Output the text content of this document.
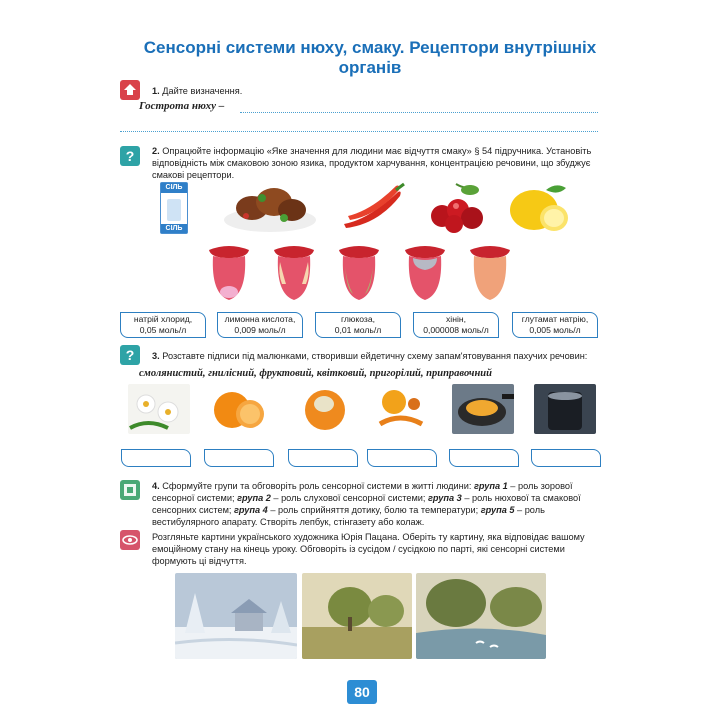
Сенсорні системи нюху, смаку. Рецептори внутрішніх органів
1. Дайте визначення.
Гострота нюху –
?	2. Опрацюйте інформацію «Яке значення для людини має відчуття смаку» § 54 підручника. Установіть відповідність між смаковою зоною язика, продуктом харчування, концентрацією речовини, що збуджує смакові рецептори.
СІЛЬ
СІЛЬ
натрій хлорид,
0,05 моль/л
лимонна кислота,
0,009 моль/л
глюкоза,
0,01 моль/л
хінін,
0,000008 моль/л
глутамат натрію,
0,005 моль/л
?	3. Розставте підписи під малюнками, створивши ейдетичну схему запам'ятовування пахучих речовин:
смолянистий, гнилісний, фруктовий, квітковий, пригорілий, приправочний
4. Сформуйте групи та обговоріть роль сенсорної системи в житті людини: група 1 – роль зорової сенсорної системи; група 2 – роль слухової сенсорної системи; група 3 – роль нюхової та смакової сенсорних систем; група 4 – роль сприйняття дотику, болю та температури; група 5 – роль вестибулярного апарату. Створіть лепбук, стінгазету або колаж.
Розгляньте картини українського художника Юрія Пацана. Оберіть ту картину, яка відповідає вашому емоційному стану на кінець уроку. Обговоріть із сусідом / сусідкою по парті, які сенсорні системи формують ці відчуття.
80
